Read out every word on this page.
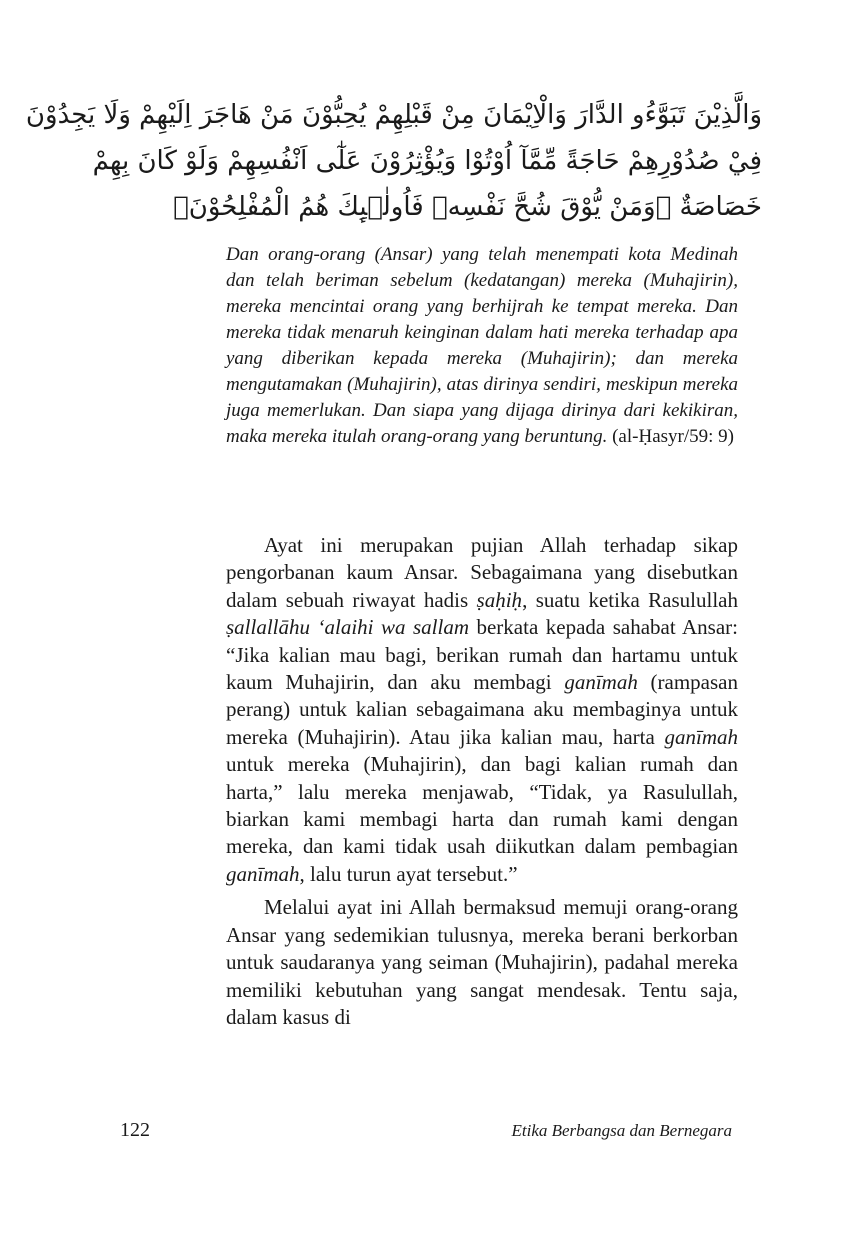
وَالَّذِيْنَ تَبَوَّءُو الدَّارَ وَالْاِيْمَانَ مِنْ قَبْلِهِمْ يُحِبُّوْنَ مَنْ هَاجَرَ اِلَيْهِمْ وَلَا يَجِدُوْنَ
فِيْ صُدُوْرِهِمْ حَاجَةً مِّمَّآ اُوْتُوْا وَيُؤْثِرُوْنَ عَلٰٓى اَنْفُسِهِمْ وَلَوْ كَانَ بِهِمْ
خَصَاصَةٌ ۗوَمَنْ يُّوْقَ شُحَّ نَفْسِهٖ فَاُولٰۤىِٕكَ هُمُ الْمُفْلِحُوْنَۚ
Dan orang-orang (Ansar) yang telah menempati kota Medinah dan telah beriman sebelum (kedatangan) mereka (Muhajirin), mereka mencintai orang yang berhijrah ke tempat mereka. Dan mereka tidak menaruh keinginan dalam hati mereka terhadap apa yang diberikan kepada mereka (Muhajirin); dan mereka mengutamakan (Muhajirin), atas dirinya sendiri, meskipun mereka juga memerlukan. Dan siapa yang dijaga dirinya dari kekikiran, maka mereka itulah orang-orang yang beruntung. (al-Ḥasyr/59: 9)

Ayat ini merupakan pujian Allah terhadap sikap pengorbanan kaum Ansar. Sebagaimana yang disebutkan dalam sebuah riwayat hadis ṣaḥiḥ, suatu ketika Rasulullah ṣallallāhu ‘alaihi wa sallam berkata kepada sahabat Ansar: “Jika kalian mau bagi, berikan rumah dan hartamu untuk kaum Muhajirin, dan aku membagi ganīmah (rampasan perang) untuk kalian sebagaimana aku membaginya untuk mereka (Muhajirin). Atau jika kalian mau, harta ganīmah untuk mereka (Muhajirin), dan bagi kalian rumah dan harta,” lalu mereka menjawab, “Tidak, ya Rasulullah, biarkan kami membagi harta dan rumah kami dengan mereka, dan kami tidak usah diikutkan dalam pembagian ganīmah, lalu turun ayat tersebut.”

Melalui ayat ini Allah bermaksud memuji orang-orang Ansar yang sedemikian tulusnya, mereka berani berkorban untuk saudaranya yang seiman (Muhajirin), padahal mereka memiliki kebutuhan yang sangat mendesak. Tentu saja, dalam kasus di

122	Etika Berbangsa dan Bernegara
